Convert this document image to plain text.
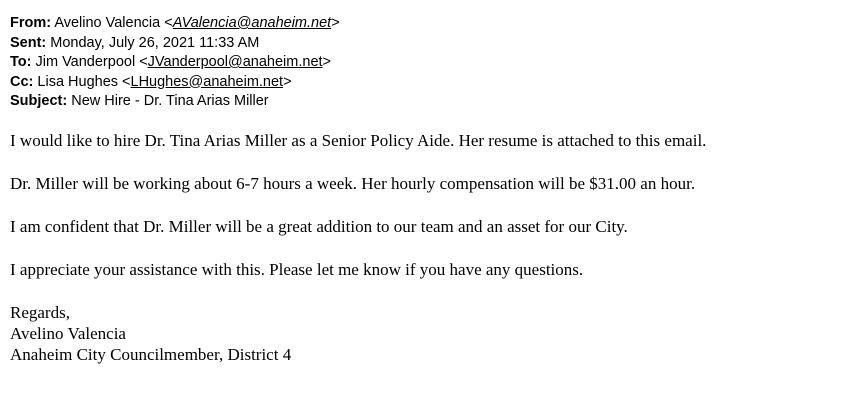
From: Avelino Valencia <AValencia@anaheim.net>
Sent: Monday, July 26, 2021 11:33 AM
To: Jim Vanderpool <JVanderpool@anaheim.net>
Cc: Lisa Hughes <LHughes@anaheim.net>
Subject: New Hire - Dr. Tina Arias Miller

I would like to hire Dr. Tina Arias Miller as a Senior Policy Aide. Her resume is attached to this email.

Dr. Miller will be working about 6-7 hours a week. Her hourly compensation will be $31.00 an hour.

I am confident that Dr. Miller will be a great addition to our team and an asset for our City.

I appreciate your assistance with this. Please let me know if you have any questions.

Regards,
Avelino Valencia
Anaheim City Councilmember, District 4
